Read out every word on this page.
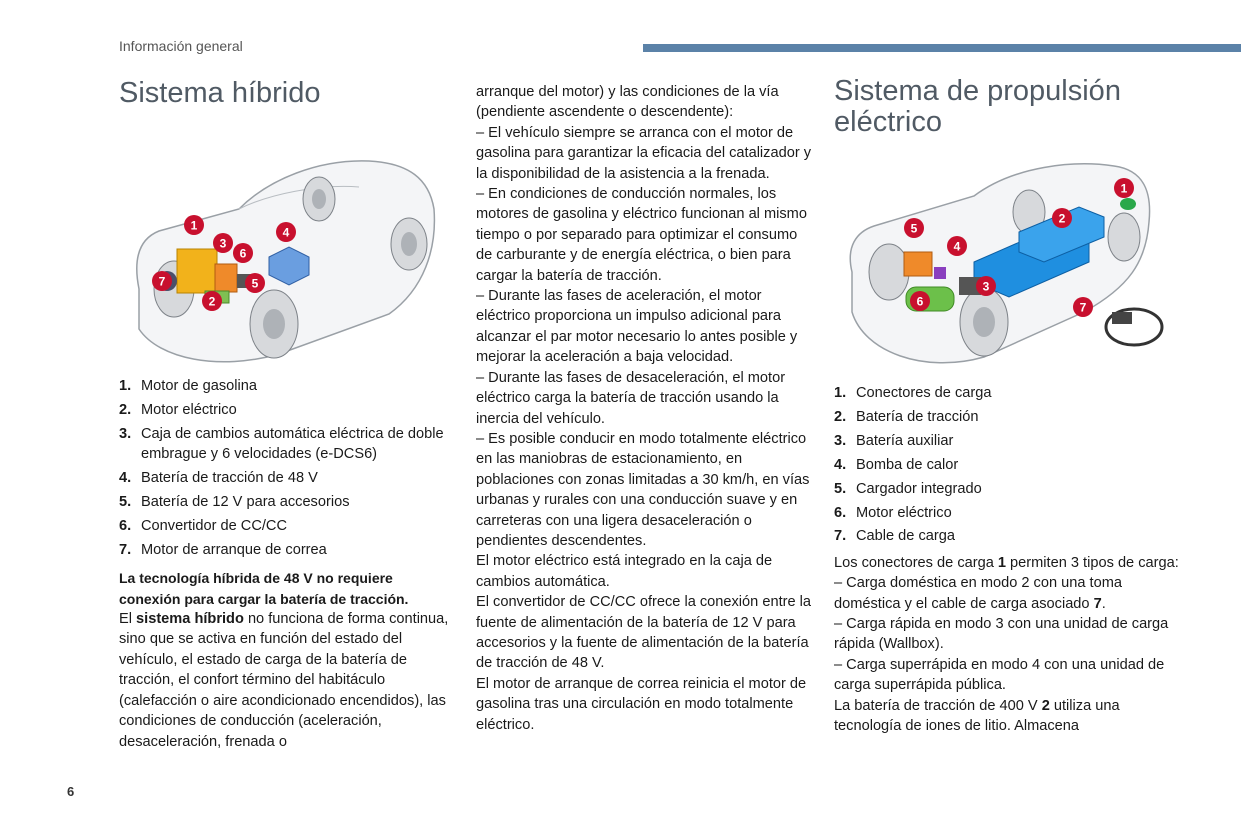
Información general
Sistema híbrido
1
2
3
4
5
6
7
1. Motor de gasolina
2. Motor eléctrico
3. Caja de cambios automática eléctrica de doble embrague y 6 velocidades (e-DCS6)
4. Batería de tracción de 48 V
5. Batería de 12 V para accesorios
6. Convertidor de CC/CC
7. Motor de arranque de correa

La tecnología híbrida de 48 V no requiere conexión para cargar la batería de tracción.

El sistema híbrido no funciona de forma continua, sino que se activa en función del estado del vehículo, el estado de carga de la batería de tracción, el confort término del habitáculo (calefacción o aire acondicionado encendidos), las condiciones de conducción (aceleración, desaceleración, frenada o

arranque del motor) y las condiciones de la vía (pendiente ascendente o descendente):

– El vehículo siempre se arranca con el motor de gasolina para garantizar la eficacia del catalizador y la disponibilidad de la asistencia a la frenada.

– En condiciones de conducción normales, los motores de gasolina y eléctrico funcionan al mismo tiempo o por separado para optimizar el consumo de carburante y de energía eléctrica, o bien para cargar la batería de tracción.

– Durante las fases de aceleración, el motor eléctrico proporciona un impulso adicional para alcanzar el par motor necesario lo antes posible y mejorar la aceleración a baja velocidad.

– Durante las fases de desaceleración, el motor eléctrico carga la batería de tracción usando la inercia del vehículo.

– Es posible conducir en modo totalmente eléctrico en las maniobras de estacionamiento, en poblaciones con zonas limitadas a 30 km/h, en vías urbanas y rurales con una conducción suave y en carreteras con una ligera desaceleración o pendientes descendentes.

El motor eléctrico está integrado en la caja de cambios automática.

El convertidor de CC/CC ofrece la conexión entre la fuente de alimentación de la batería de 12 V para accesorios y la fuente de alimentación de la batería de tracción de 48 V.

El motor de arranque de correa reinicia el motor de gasolina tras una circulación en modo totalmente eléctrico.

Sistema de propulsión eléctrico
1
2
3
4
5
6	7
1. Conectores de carga
2. Batería de tracción
3. Batería auxiliar
4. Bomba de calor
5. Cargador integrado
6. Motor eléctrico
7. Cable de carga

Los conectores de carga 1 permiten 3 tipos de carga:

– Carga doméstica en modo 2 con una toma doméstica y el cable de carga asociado 7.

– Carga rápida en modo 3 con una unidad de carga rápida (Wallbox).

– Carga superrápida en modo 4 con una unidad de carga superrápida pública.

La batería de tracción de 400 V 2 utiliza una tecnología de iones de litio. Almacena

6
